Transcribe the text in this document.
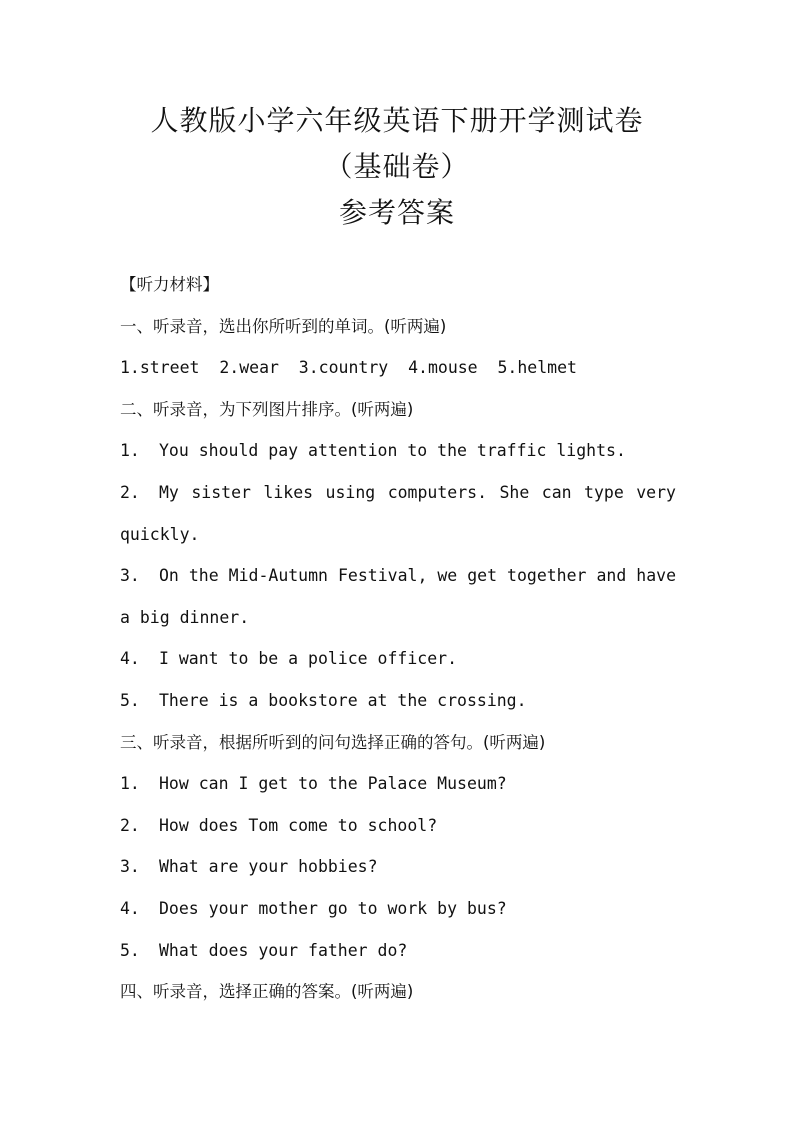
人教版小学六年级英语下册开学测试卷
（基础卷）
参考答案
【听力材料】
一、听录音，选出你所听到的单词。(听两遍)
1.street  2.wear  3.country  4.mouse  5.helmet
二、听录音，为下列图片排序。(听两遍)
1. You should pay attention to the traffic lights.
2. My sister likes using computers. She can type very quickly.
3. On the Mid-Autumn Festival, we get together and have a big dinner.
4. I want to be a police officer.
5. There is a bookstore at the crossing.
三、听录音，根据所听到的问句选择正确的答句。(听两遍)
1. How can I get to the Palace Museum?
2. How does Tom come to school?
3. What are your hobbies?
4. Does your mother go to work by bus?
5. What does your father do?
四、听录音，选择正确的答案。(听两遍)
